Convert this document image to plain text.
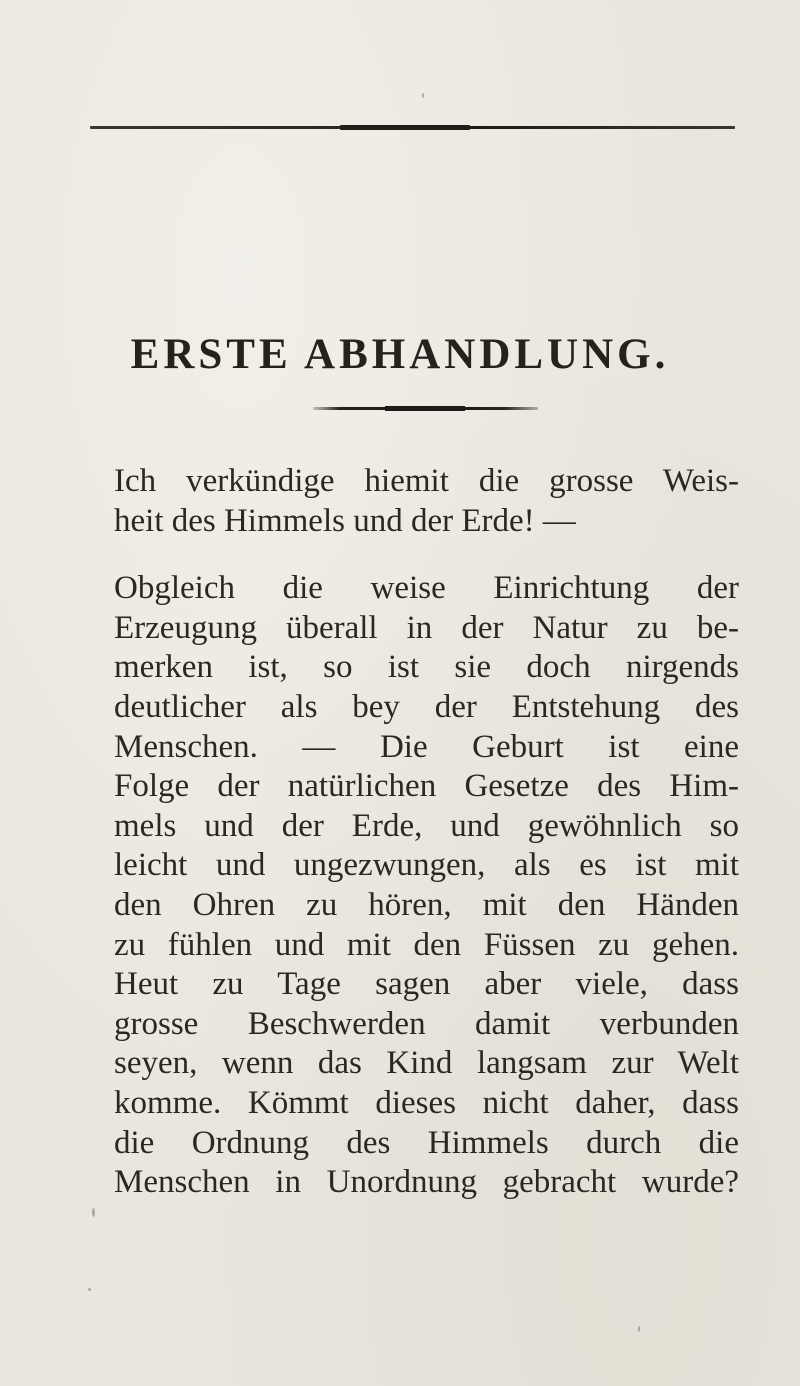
ERSTE ABHANDLUNG.
Ich verkündige hiemit die grosse Weis-
heit des Himmels und der Erde! —
Obgleich die weise Einrichtung der
Erzeugung überall in der Natur zu be-
merken ist, so ist sie doch nirgends
deutlicher als bey der Entstehung des
Menschen. — Die Geburt ist eine
Folge der natürlichen Gesetze des Him-
mels und der Erde, und gewöhnlich so
leicht und ungezwungen, als es ist mit
den Ohren zu hören, mit den Händen
zu fühlen und mit den Füssen zu gehen.
Heut zu Tage sagen aber viele, dass
grosse Beschwerden damit verbunden
seyen, wenn das Kind langsam zur Welt
komme. Kömmt dieses nicht daher, dass
die Ordnung des Himmels durch die
Menschen in Unordnung gebracht wurde?
